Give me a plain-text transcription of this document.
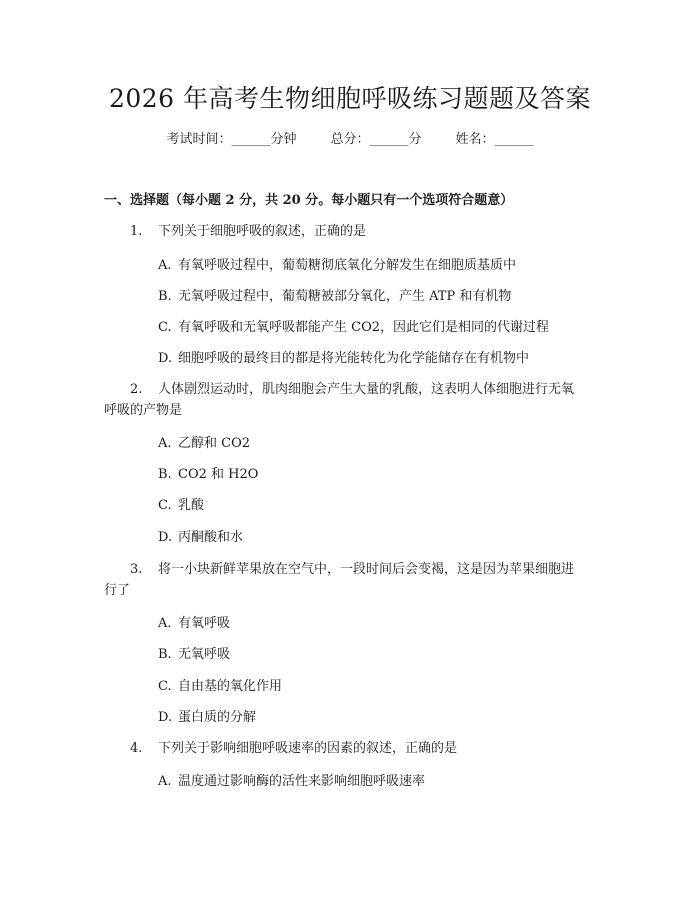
2026 年高考生物细胞呼吸练习题题及答案
考试时间：______分钟	总分：______分	姓名：______
一、选择题（每小题 2 分，共 20 分。每小题只有一个选项符合题意）
1. 下列关于细胞呼吸的叙述，正确的是
A. 有氧呼吸过程中，葡萄糖彻底氧化分解发生在细胞质基质中
B. 无氧呼吸过程中，葡萄糖被部分氧化，产生 ATP 和有机物
C. 有氧呼吸和无氧呼吸都能产生 CO2，因此它们是相同的代谢过程
D. 细胞呼吸的最终目的都是将光能转化为化学能储存在有机物中
2. 人体剧烈运动时，肌肉细胞会产生大量的乳酸，这表明人体细胞进行无氧
呼吸的产物是
A. 乙醇和 CO2
B. CO2 和 H2O
C. 乳酸
D. 丙酮酸和水
3. 将一小块新鲜苹果放在空气中，一段时间后会变褐，这是因为苹果细胞进
行了
A. 有氧呼吸
B. 无氧呼吸
C. 自由基的氧化作用
D. 蛋白质的分解
4. 下列关于影响细胞呼吸速率的因素的叙述，正确的是
A. 温度通过影响酶的活性来影响细胞呼吸速率
